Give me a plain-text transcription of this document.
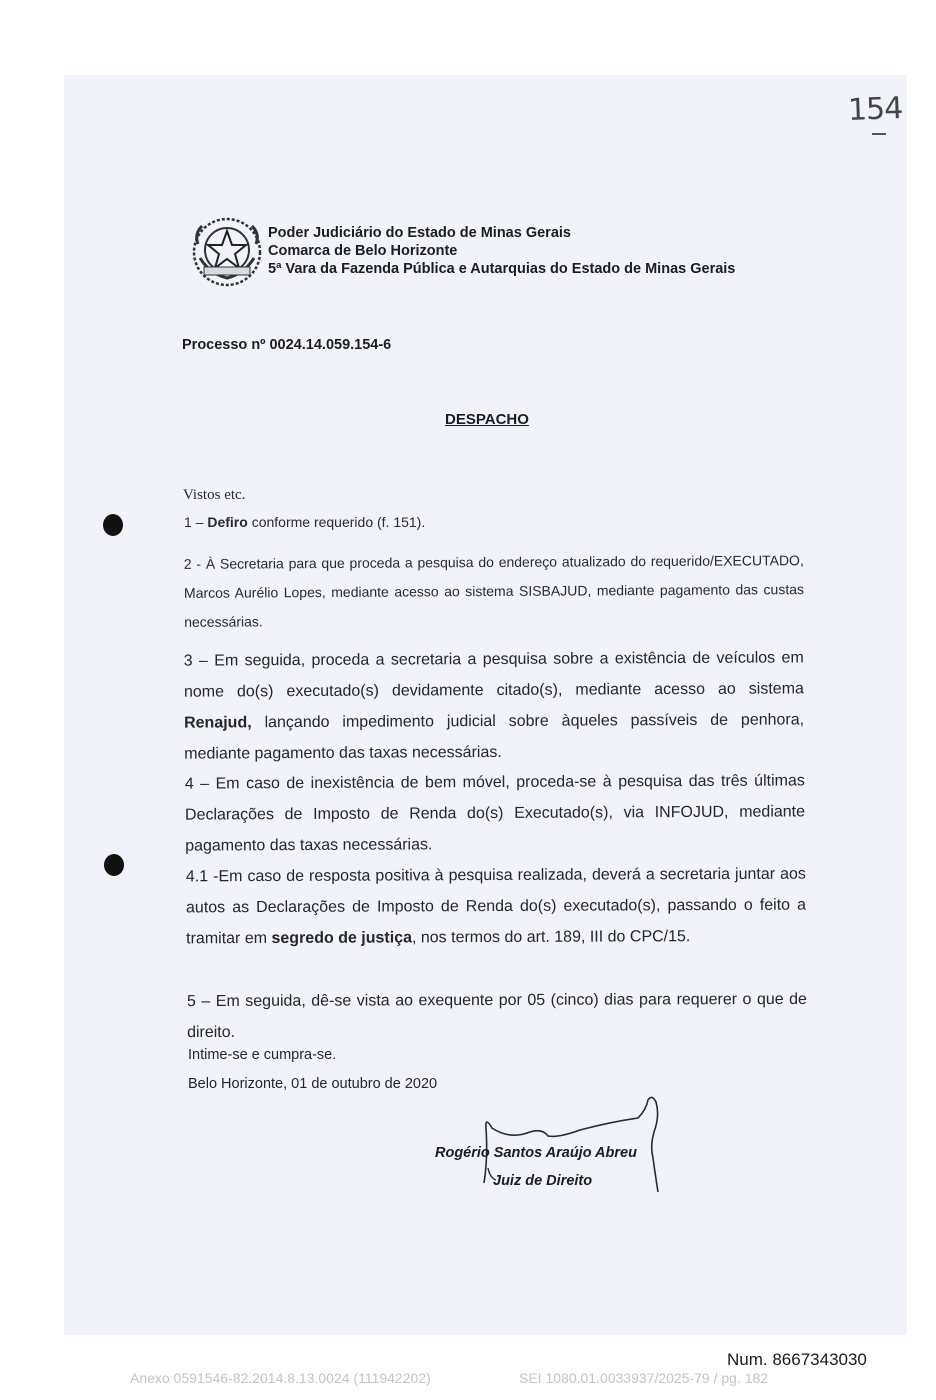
154
Poder Judiciário do Estado de Minas Gerais
Comarca de Belo Horizonte
5ª Vara da Fazenda Pública e Autarquias do Estado de Minas Gerais
Processo nº 0024.14.059.154-6
DESPACHO
Vistos etc.
1 – Defiro conforme requerido (f. 151).
2 - À Secretaria para que proceda a pesquisa do endereço atualizado do requerido/EXECUTADO, Marcos Aurélio Lopes, mediante acesso ao sistema SISBAJUD, mediante pagamento das custas necessárias.
3 – Em seguida, proceda a secretaria a pesquisa sobre a existência de veículos em nome do(s) executado(s) devidamente citado(s), mediante acesso ao sistema Renajud, lançando impedimento judicial sobre àqueles passíveis de penhora, mediante pagamento das taxas necessárias.
4 – Em caso de inexistência de bem móvel, proceda-se à pesquisa das três últimas Declarações de Imposto de Renda do(s) Executado(s), via INFOJUD, mediante pagamento das taxas necessárias.
4.1 -Em caso de resposta positiva à pesquisa realizada, deverá a secretaria juntar aos autos as Declarações de Imposto de Renda do(s) executado(s), passando o feito a tramitar em segredo de justiça, nos termos do art. 189, III do CPC/15.
5 – Em seguida, dê-se vista ao exequente por 05 (cinco) dias para requerer o que de direito.
Intime-se e cumpra-se.
Belo Horizonte, 01 de outubro de 2020
Rogério Santos Araújo Abreu
Juiz de Direito
Num. 8667343030
Anexo 0591546-82.2014.8.13.0024 (111942202)	SEI 1080.01.0033937/2025-79 / pg. 182
